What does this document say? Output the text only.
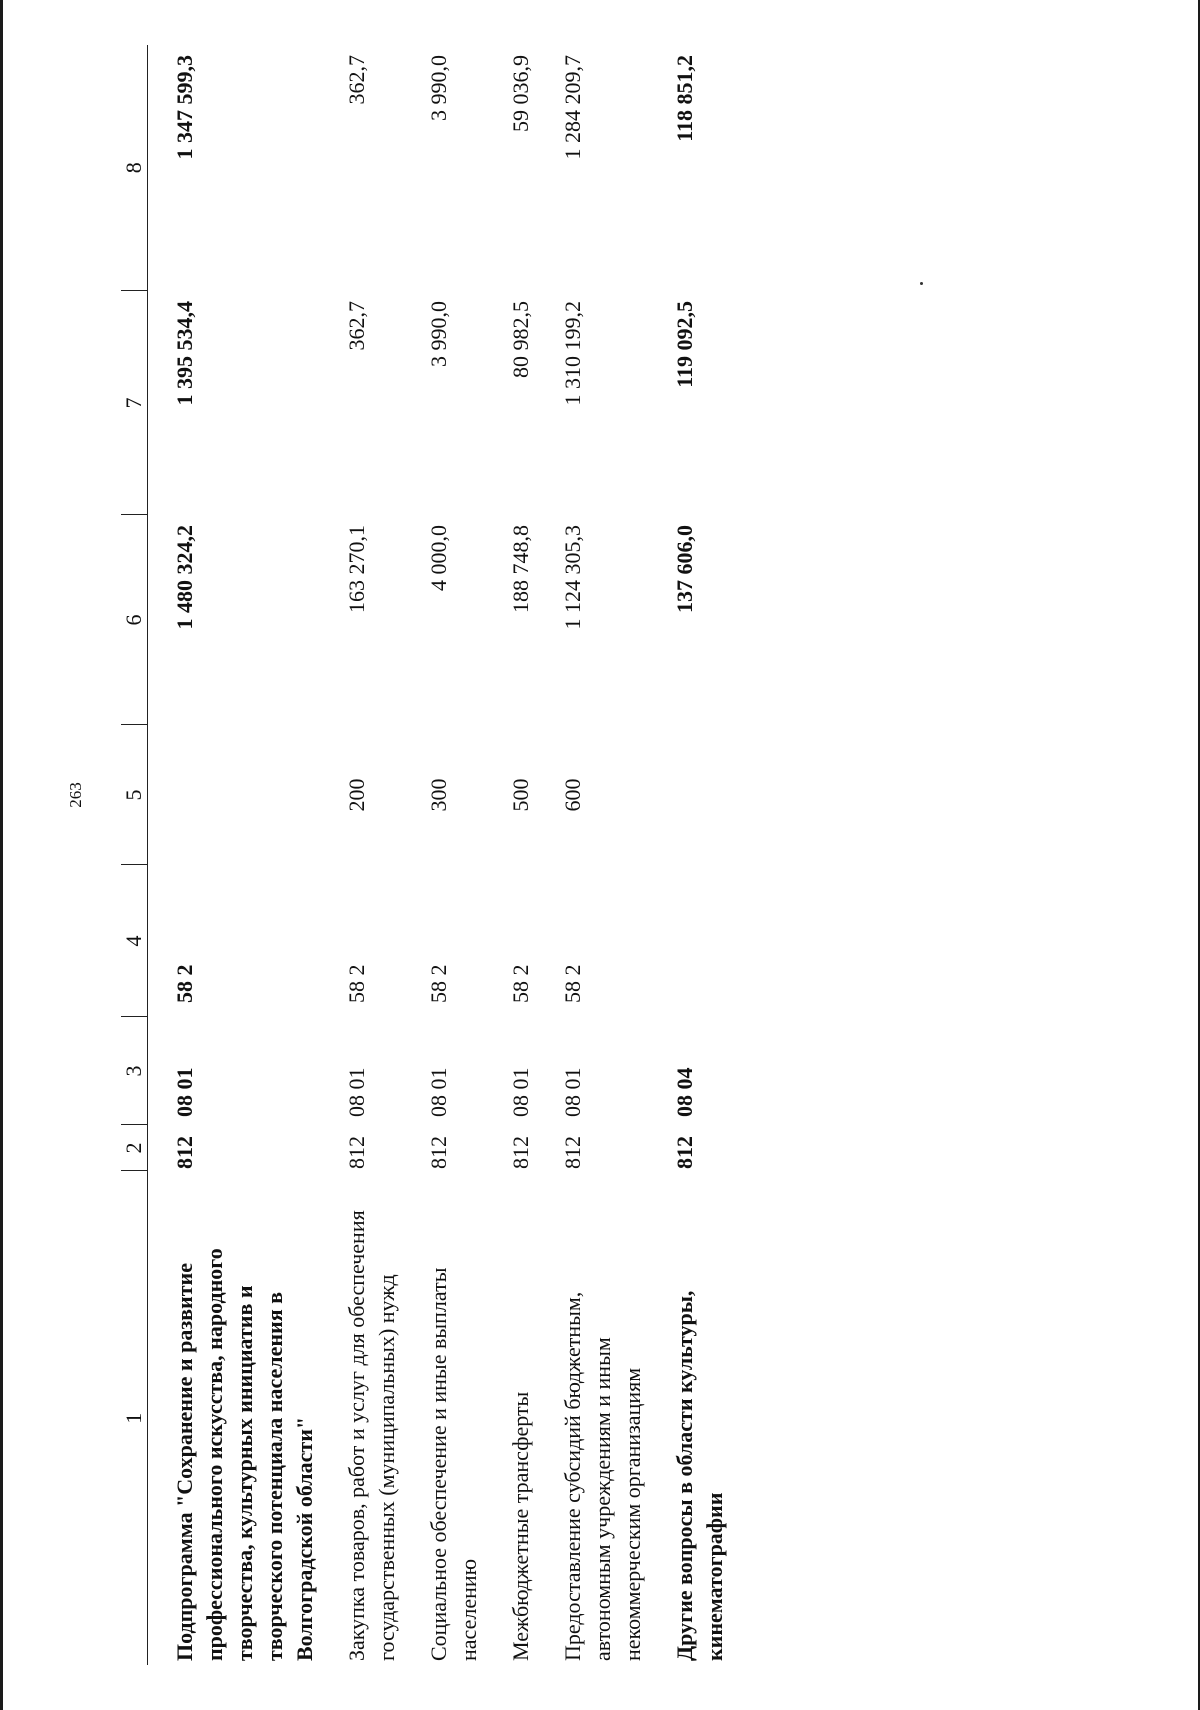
263
1	2	3	4	5	6	7	8

Подпрограмма "Сохранение и развитие профессионального искусства, народного творчества, культурных инициатив и творческого потенциала населения в Волгоградской области"	812	08 01	58 2		1 480 324,2	1 395 534,4	1 347 599,3

Закупка товаров, работ и услуг для обеспечения государственных (муниципальных) нужд	812	08 01	58 2	200	163 270,1	362,7	362,7

Социальное обеспечение и иные выплаты населению	812	08 01	58 2	300	4 000,0	3 990,0	3 990,0

Межбюджетные трансферты	812	08 01	58 2	500	188 748,8	80 982,5	59 036,9

Предоставление субсидий бюджетным, автономным учреждениям и иным некоммерческим организациям	812	08 01	58 2	600	1 124 305,3	1 310 199,2	1 284 209,7

Другие вопросы в области культуры, кинематографии	812	08 04			137 606,0	119 092,5	118 851,2
